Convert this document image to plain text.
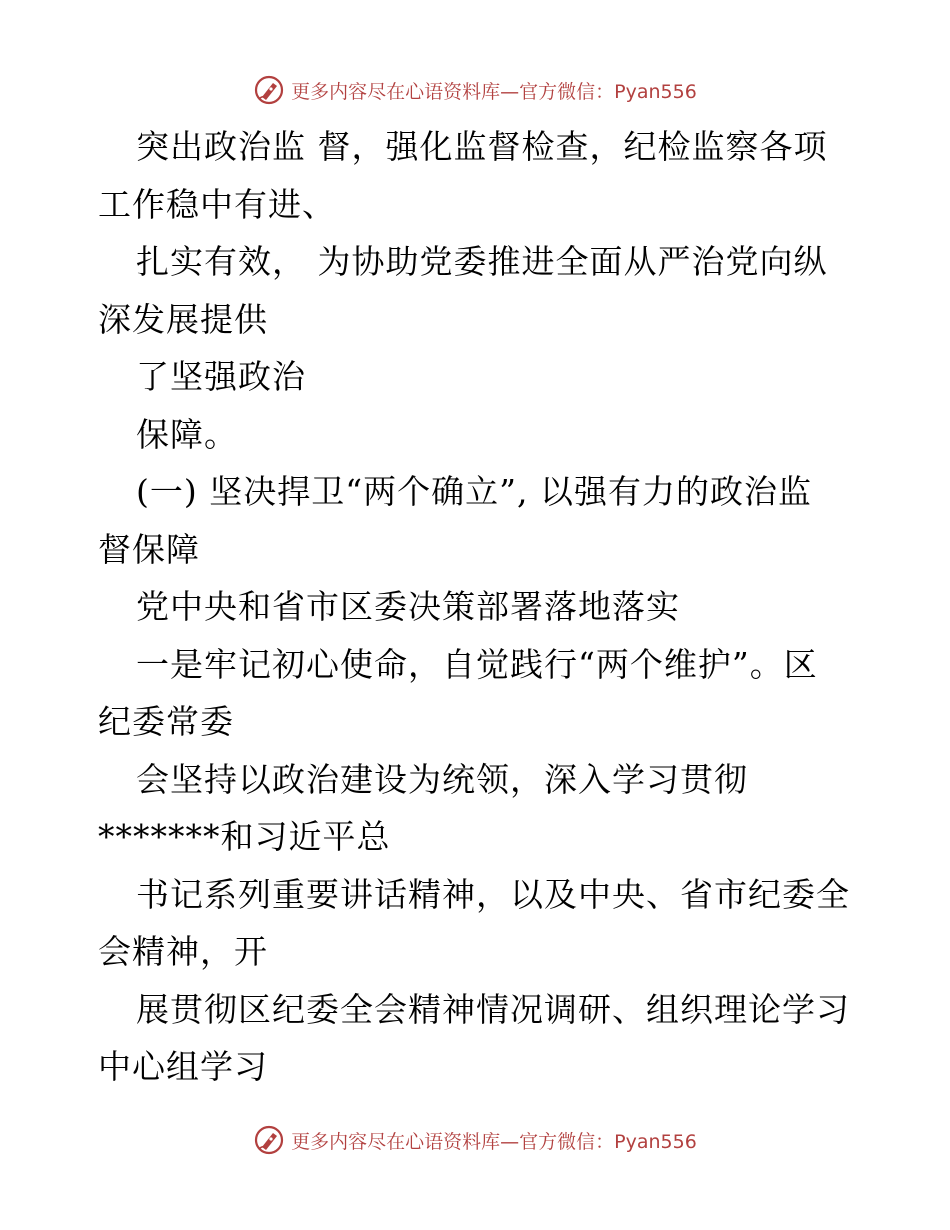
更多内容尽在心语资料库—官方微信：Pyan556
突出政治监 督，强化监督检查，纪检监察各项
工作稳中有进、
扎实有效， 为协助党委推进全面从严治党向纵
深发展提供
了坚强政治
保障。
(一) 坚决捍卫“两个确立”, 以强有力的政治监
督保障
党中央和省市区委决策部署落地落实
一是牢记初心使命，自觉践行“两个维护”。区
纪委常委
会坚持以政治建设为统领，深入学习贯彻
*******和习近平总
书记系列重要讲话精神，以及中央、省市纪委全
会精神，开
展贯彻区纪委全会精神情况调研、组织理论学习
中心组学习
更多内容尽在心语资料库—官方微信：Pyan556
